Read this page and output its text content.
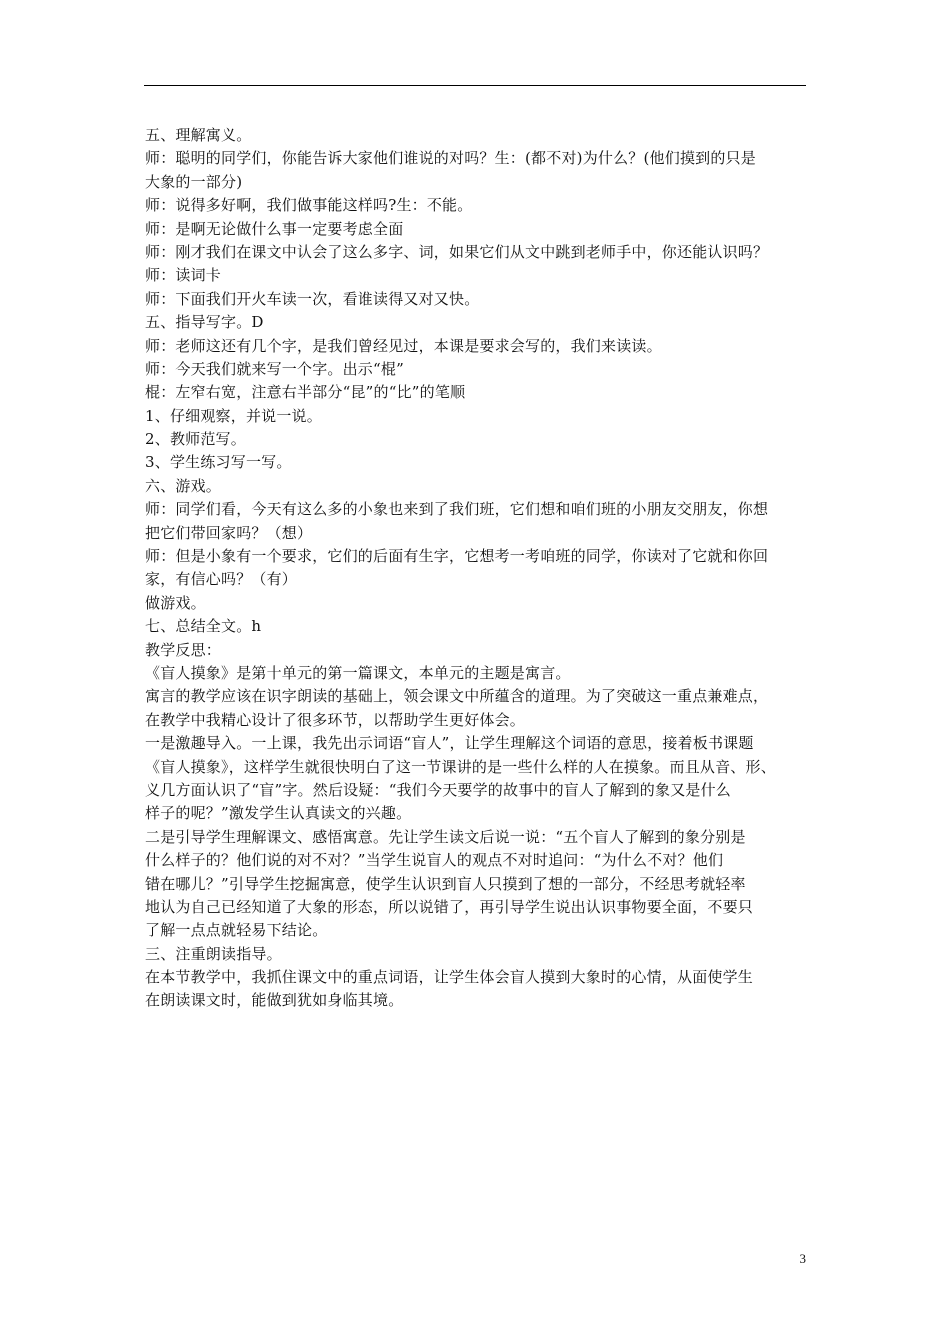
五、理解寓义。
师：聪明的同学们，你能告诉大家他们谁说的对吗？生：(都不对)为什么？(他们摸到的只是
大象的一部分)
师：说得多好啊，我们做事能这样吗?生：不能。
师：是啊无论做什么事一定要考虑全面
师：刚才我们在课文中认会了这么多字、词，如果它们从文中跳到老师手中，你还能认识吗？
师：读词卡
师：下面我们开火车读一次，看谁读得又对又快。
五、指导写字。D
师：老师这还有几个字，是我们曾经见过，本课是要求会写的，我们来读读。
师：今天我们就来写一个字。出示“棍”
棍：左窄右宽，注意右半部分“昆”的“比”的笔顺
1、仔细观察，并说一说。
2、教师范写。
3、学生练习写一写。
六、游戏。
师：同学们看，今天有这么多的小象也来到了我们班，它们想和咱们班的小朋友交朋友，你想
把它们带回家吗？（想）
师：但是小象有一个要求，它们的后面有生字，它想考一考咱班的同学，你读对了它就和你回
家，有信心吗？（有）
做游戏。
七、总结全文。h
教学反思：
《盲人摸象》是第十单元的第一篇课文，本单元的主题是寓言。
寓言的教学应该在识字朗读的基础上，领会课文中所蕴含的道理。为了突破这一重点兼难点，
在教学中我精心设计了很多环节，以帮助学生更好体会。
一是激趣导入。一上课，我先出示词语“盲人”，让学生理解这个词语的意思，接着板书课题
《盲人摸象》，这样学生就很快明白了这一节课讲的是一些什么样的人在摸象。而且从音、形、
义几方面认识了“盲”字。然后设疑：“我们今天要学的故事中的盲人了解到的象又是什么
样子的呢？”激发学生认真读文的兴趣。
二是引导学生理解课文、感悟寓意。先让学生读文后说一说：“五个盲人了解到的象分别是
什么样子的？他们说的对不对？”当学生说盲人的观点不对时追问：“为什么不对？他们
错在哪儿？”引导学生挖掘寓意，使学生认识到盲人只摸到了想的一部分，不经思考就轻率
地认为自己已经知道了大象的形态，所以说错了，再引导学生说出认识事物要全面，不要只
了解一点点就轻易下结论。
三、注重朗读指导。
在本节教学中，我抓住课文中的重点词语，让学生体会盲人摸到大象时的心情，从面使学生
在朗读课文时，能做到犹如身临其境。
3
